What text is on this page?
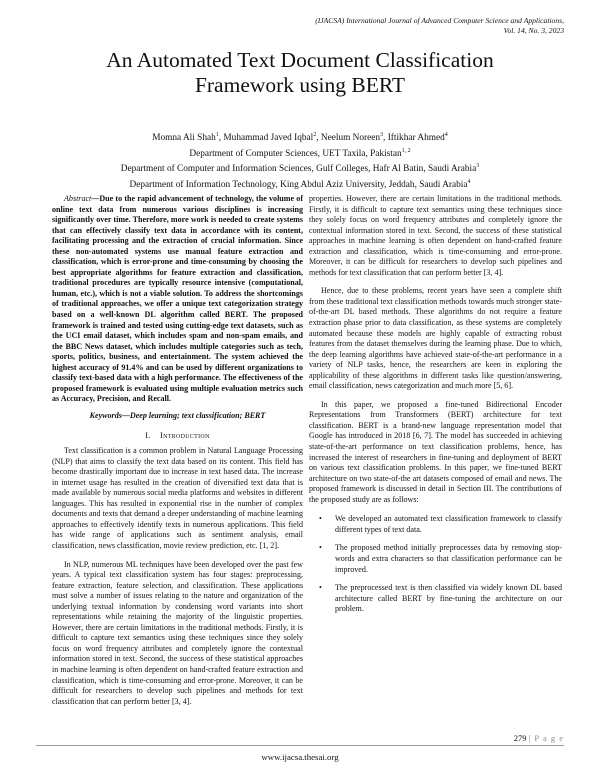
(IJACSA) International Journal of Advanced Computer Science and Applications,
Vol. 14, No. 3, 2023
An Automated Text Document Classification
Framework using BERT
Momna Ali Shah$^1$, Muhammad Javed Iqbal$^2$, Neelum Noreen$^3$, Iftikhar Ahmed$^4$
Department of Computer Sciences, UET Taxila, Pakistan$^{1, 2}$
Department of Computer and Information Sciences, Gulf Colleges, Hafr Al Batin, Saudi Arabia$^3$
Department of Information Technology, King Abdul Aziz University, Jeddah, Saudi Arabia$^4$

Abstract—Due to the rapid advancement of technology, the volume of online text data from numerous various disciplines is increasing significantly over time. Therefore, more work is needed to create systems that can effectively classify text data in accordance with its content, facilitating processing and the extraction of crucial information. Since these non-automated systems use manual feature extraction and classification, which is error-prone and time-consuming by choosing the best appropriate algorithms for feature extraction and classification, traditional procedures are typically resource intensive (computational, human, etc.), which is not a viable solution. To address the shortcomings of traditional approaches, we offer a unique text categorization strategy based on a well-known DL algorithm called BERT. The proposed framework is trained and tested using cutting-edge text datasets, such as the UCI email dataset, which includes spam and non-spam emails, and the BBC News dataset, which includes multiple categories such as tech, sports, politics, business, and entertainment. The system achieved the highest accuracy of 91.4% and can be used by different organizations to classify text-based data with a high performance. The effectiveness of the proposed framework is evaluated using multiple evaluation metrics such as Accuracy, Precision, and Recall.

Keywords—Deep learning; text classification; BERT

I. Introduction

Text classification is a common problem in Natural Language Processing (NLP) that aims to classify the text data based on its content. This field has become drastically important due to increase in text based data. The increase in internet usage has resulted in the creation of diversified text data that is made available by numerous social media platforms and websites in different languages. This has resulted in exponential rise in the number of complex documents and texts that demand a deeper understanding of machine learning approaches to effectively identify texts in numerous applications. This field has wide range of applications such as sentiment analysis, email classification, news classification, movie review prediction, etc. [1, 2].

In NLP, numerous ML techniques have been developed over the past few years. A typical text classification system has four stages: preprocessing, feature extraction, feature selection, and classification. These applications must solve a number of issues relating to the nature and organization of the underlying textual information by condensing word variants into short representations while retaining the majority of the linguistic properties. However, there are certain limitations in the traditional methods. Firstly, it is difficult to capture text semantics using these techniques since they solely focus on word frequency attributes and completely ignore the contextual information stored in text. Second, the success of these statistical approaches in machine learning is often dependent on hand-crafted feature extraction and classification, which is time-consuming and error-prone. Moreover, it can be difficult for researchers to develop such pipelines and methods for text classification that can perform better [3, 4].

properties. However, there are certain limitations in the traditional methods. Firstly, it is difficult to capture text semantics using these techniques since they solely focus on word frequency attributes and completely ignore the contextual information stored in text. Second, the success of these statistical approaches in machine learning is often dependent on hand-crafted feature extraction and classification, which is time-consuming and error-prone. Moreover, it can be difficult for researchers to develop such pipelines and methods for text classification that can perform better [3, 4].

Hence, due to these problems, recent years have seen a complete shift from these traditional text classification methods towards much stronger state-of-the-art DL based methods. These algorithms do not require a feature extraction phase prior to data classification, as these systems are completely automated because these models are highly capable of extracting robust features from the dataset themselves during the learning phase. Due to which, the deep learning algorithms have achieved state-of-the-art performance in a variety of NLP tasks, hence, the researchers are keen in exploring the applicability of these algorithms in different tasks like question/answering, email classification, news categorization and much more [5, 6].

In this paper, we proposed a fine-tuned Bidirectional Encoder Representations from Transformers (BERT) architecture for text classification. BERT is a brand-new language representation model that Google has introduced in 2018 [6, 7]. The model has succeeded in achieving state-of-the-art performance on text classification problems, hence, has increased the interest of researchers in fine-tuning and deployment of BERT on various text classification problems. In this paper, we fine-tuned BERT architecture on two state-of-the art datasets composed of email and news. The proposed framework is discussed in detail in Section III. The contributions of the proposed study are as follows:

• We developed an automated text classification framework to classify different types of text data.
• The proposed method initially preprocesses data by removing stop-words and extra characters so that classification performance can be improved.
• The preprocessed text is then classified via widely known DL based architecture called BERT by fine-tuning the architecture on our problem.
279 | P a g e
www.ijacsa.thesai.org
